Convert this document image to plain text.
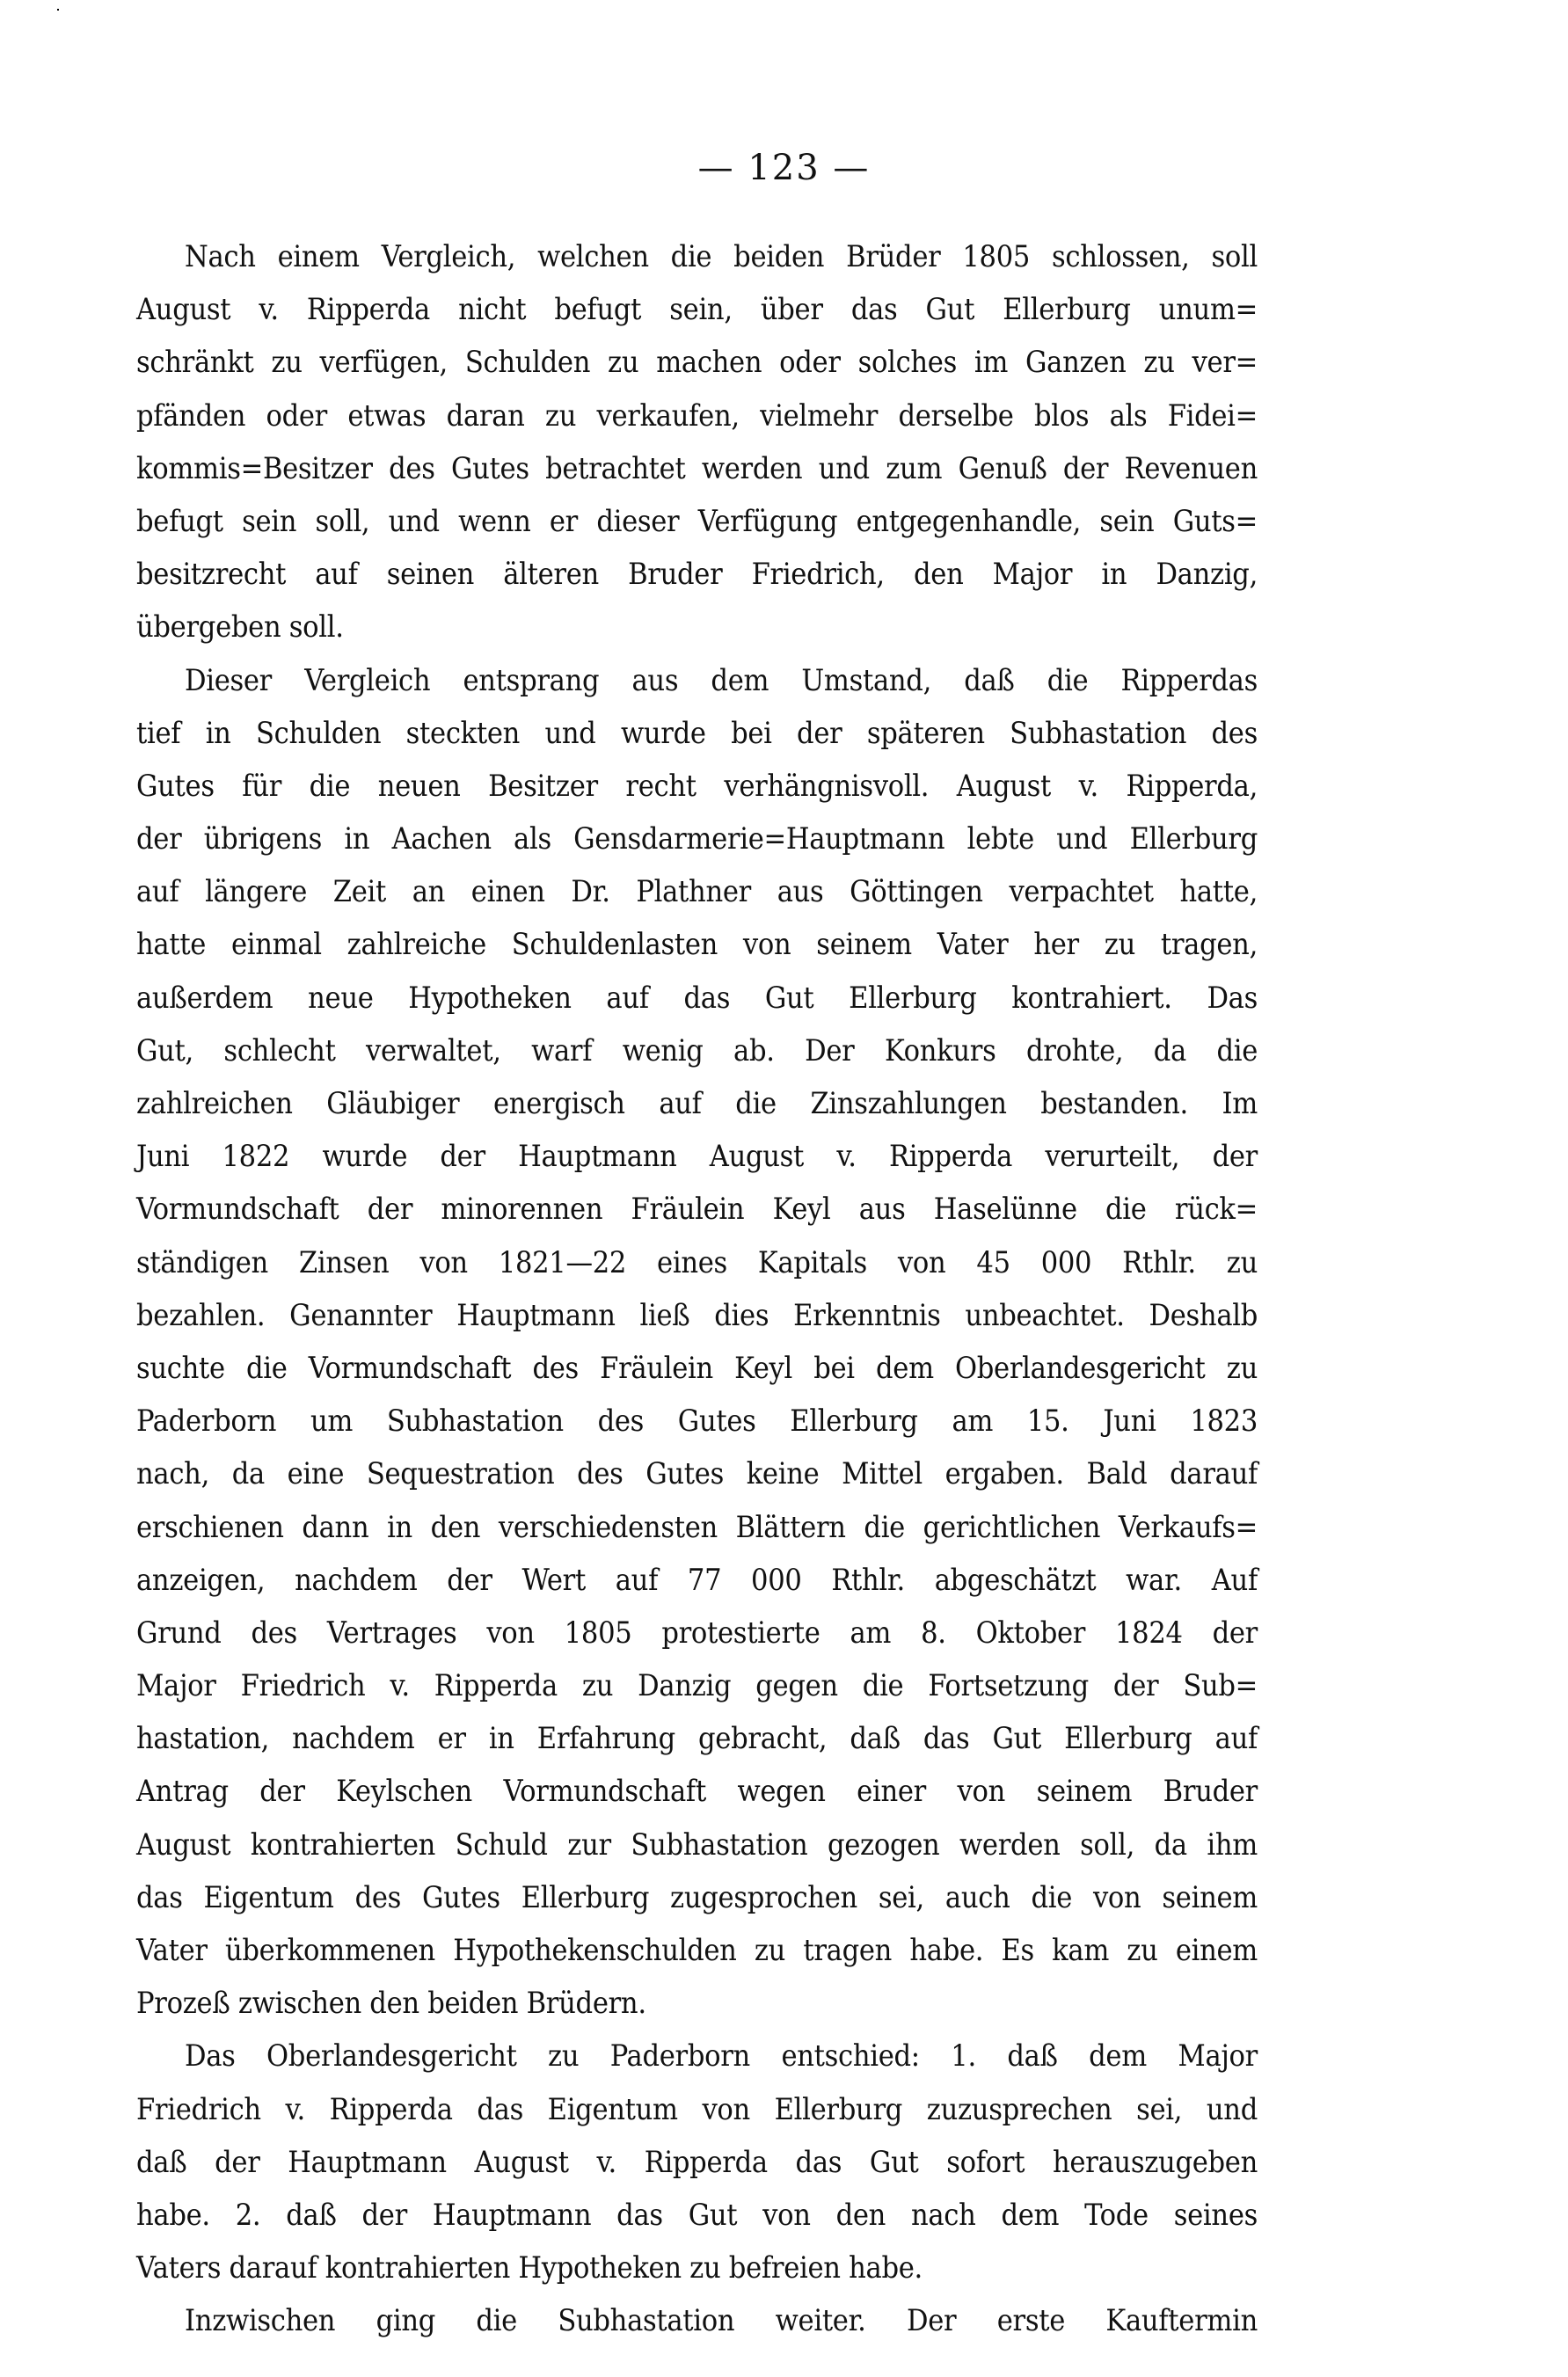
— 123 —
Nach einem Vergleich, welchen die beiden Brüder 1805 schlossen, soll
August v. Ripperda nicht befugt sein, über das Gut Ellerburg unum=
schränkt zu verfügen, Schulden zu machen oder solches im Ganzen zu ver=
pfänden oder etwas daran zu verkaufen, vielmehr derselbe blos als Fidei=
kommis=Besitzer des Gutes betrachtet werden und zum Genuß der Revenuen
befugt sein soll, und wenn er dieser Verfügung entgegenhandle, sein Guts=
besitzrecht auf seinen älteren Bruder Friedrich, den Major in Danzig,
übergeben soll.
Dieser Vergleich entsprang aus dem Umstand, daß die Ripperdas
tief in Schulden steckten und wurde bei der späteren Subhastation des
Gutes für die neuen Besitzer recht verhängnisvoll. August v. Ripperda,
der übrigens in Aachen als Gensdarmerie=Hauptmann lebte und Ellerburg
auf längere Zeit an einen Dr. Plathner aus Göttingen verpachtet hatte,
hatte einmal zahlreiche Schuldenlasten von seinem Vater her zu tragen,
außerdem neue Hypotheken auf das Gut Ellerburg kontrahiert. Das
Gut, schlecht verwaltet, warf wenig ab. Der Konkurs drohte, da die
zahlreichen Gläubiger energisch auf die Zinszahlungen bestanden. Im
Juni 1822 wurde der Hauptmann August v. Ripperda verurteilt, der
Vormundschaft der minorennen Fräulein Keyl aus Haselünne die rück=
ständigen Zinsen von 1821—22 eines Kapitals von 45 000 Rthlr. zu
bezahlen. Genannter Hauptmann ließ dies Erkenntnis unbeachtet. Deshalb
suchte die Vormundschaft des Fräulein Keyl bei dem Oberlandesgericht zu
Paderborn um Subhastation des Gutes Ellerburg am 15. Juni 1823
nach, da eine Sequestration des Gutes keine Mittel ergaben. Bald darauf
erschienen dann in den verschiedensten Blättern die gerichtlichen Verkaufs=
anzeigen, nachdem der Wert auf 77 000 Rthlr. abgeschätzt war. Auf
Grund des Vertrages von 1805 protestierte am 8. Oktober 1824 der
Major Friedrich v. Ripperda zu Danzig gegen die Fortsetzung der Sub=
hastation, nachdem er in Erfahrung gebracht, daß das Gut Ellerburg auf
Antrag der Keylschen Vormundschaft wegen einer von seinem Bruder
August kontrahierten Schuld zur Subhastation gezogen werden soll, da ihm
das Eigentum des Gutes Ellerburg zugesprochen sei, auch die von seinem
Vater überkommenen Hypothekenschulden zu tragen habe. Es kam zu einem
Prozeß zwischen den beiden Brüdern.
Das Oberlandesgericht zu Paderborn entschied: 1. daß dem Major
Friedrich v. Ripperda das Eigentum von Ellerburg zuzusprechen sei, und
daß der Hauptmann August v. Ripperda das Gut sofort herauszugeben
habe. 2. daß der Hauptmann das Gut von den nach dem Tode seines
Vaters darauf kontrahierten Hypotheken zu befreien habe.
Inzwischen ging die Subhastation weiter. Der erste Kauftermin
